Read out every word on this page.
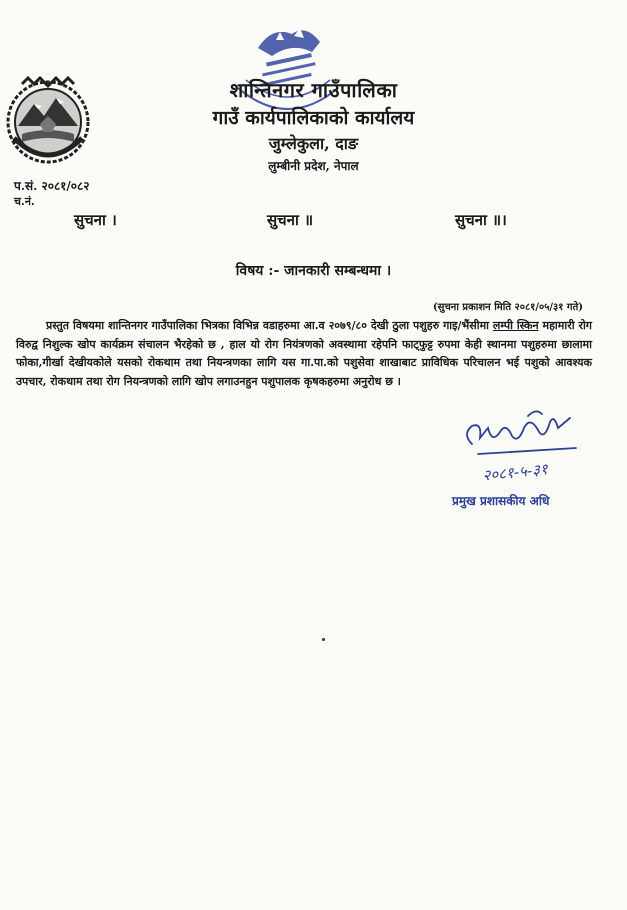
शान्तिनगर गाउँपालिका
गाउँ कार्यपालिकाको कार्यालय
जुम्लेकुला, दाङ
लुम्बीनी प्रदेश, नेपाल
प.सं. २०८१/०८२
च.नं.
सुचना ।	सुचना ॥	सुचना ॥।
विषय :- जानकारी सम्बन्धमा ।
(सुचना प्रकाशन मिति २०८१/०५/३१ गते)

प्रस्तुत विषयमा शान्तिनगर गाउँपालिका भित्रका विभिन्न वडाहरुमा आ.व २०७९/८० देखी ठुला पशुहरु गाइ/भैंसीमा लम्पी स्किन महामारी रोग विरुद्व निशुल्क खोप कार्यक्रम संचालन भैरहेको छ , हाल यो रोग नियंत्रणको अवस्थामा रहेपनि फाट्फुट्ट रुपमा केही स्थानमा पशुहरुमा छालामा फोका,गीर्खा देखीयकोले यसको रोकथाम तथा नियन्त्रणका लागि यस गा.पा.को पशुसेवा शाखाबाट प्राविधिक परिचालन भई पशुको आवश्यक उपचार, रोकथाम तथा रोग नियन्त्रणको लागि खोप लगाउनहुन पशुपालक कृषकहरुमा अनुरोध छ ।

२०८१-५-३१
प्रमुख प्रशासकीय अधि
